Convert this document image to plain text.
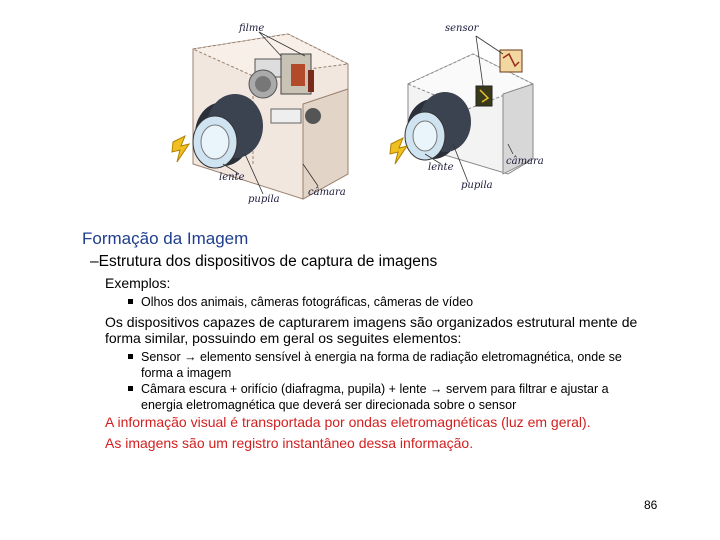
filme	sensor
lente
pupila
câmara
lente
pupila
câmara
Formação da Imagem
–Estrutura dos dispositivos de captura de imagens
Exemplos:
Olhos dos animais, câmeras fotográficas, câmeras de vídeo
Os dispositivos capazes de capturarem imagens são organizados estrutural mente de
forma similar, possuindo em geral os seguites elementos:
Sensor → elemento sensível à energia na forma de radiação eletromagnética, onde se forma a imagem
Câmara escura + orifício (diafragma, pupila) + lente → servem para filtrar e ajustar a energia eletromagnética que deverá ser direcionada sobre o sensor
A informação visual é transportada por ondas eletromagnéticas (luz em geral).
As imagens são um registro instantâneo dessa informação.
86
